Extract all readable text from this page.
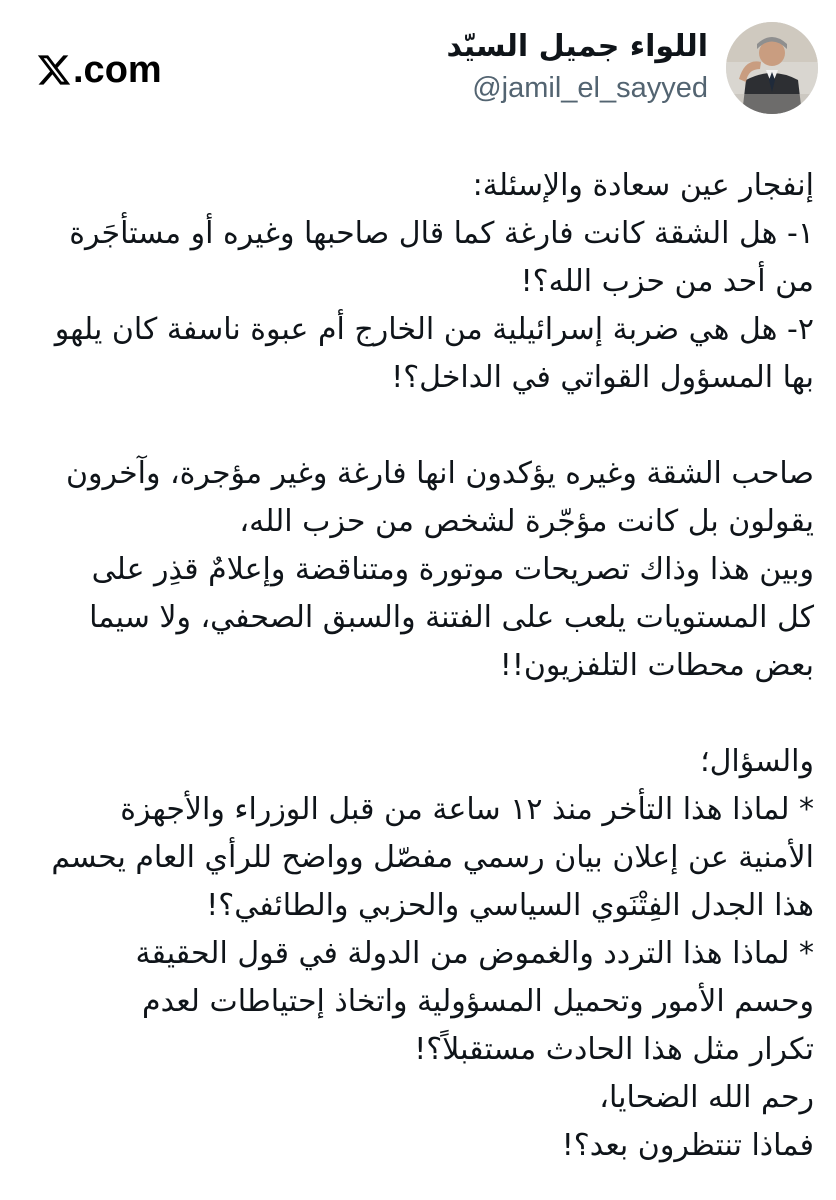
.com
اللواء جميل السيّد
@jamil_el_sayyed

إنفجار عين سعادة والإسئلة:
١- هل الشقة كانت فارغة كما قال صاحبها وغيره أو مستأجَرة
من أحد من حزب الله؟!
٢- هل هي ضربة إسرائيلية من الخارج أم عبوة ناسفة كان يلهو
بها المسؤول القواتي في الداخل؟!

صاحب الشقة وغيره يؤكدون انها فارغة وغير مؤجرة، وآخرون
يقولون بل كانت مؤجّرة لشخص من حزب الله،
وبين هذا وذاك تصريحات موتورة ومتناقضة وإعلامٌ قذِر على
كل المستويات يلعب على الفتنة والسبق الصحفي، ولا سيما
بعض محطات التلفزيون!!

والسؤال؛
* لماذا هذا التأخر منذ ١٢ ساعة من قبل الوزراء والأجهزة
الأمنية عن إعلان بيان رسمي مفصّل وواضح للرأي العام يحسم
هذا الجدل الفِتْنَوي السياسي والحزبي والطائفي؟!
* لماذا هذا التردد والغموض من الدولة في قول الحقيقة
وحسم الأمور وتحميل المسؤولية واتخاذ إحتياطات لعدم
تكرار مثل هذا الحادث مستقبلاً؟!
رحم الله الضحايا،
فماذا تنتظرون بعد؟!
